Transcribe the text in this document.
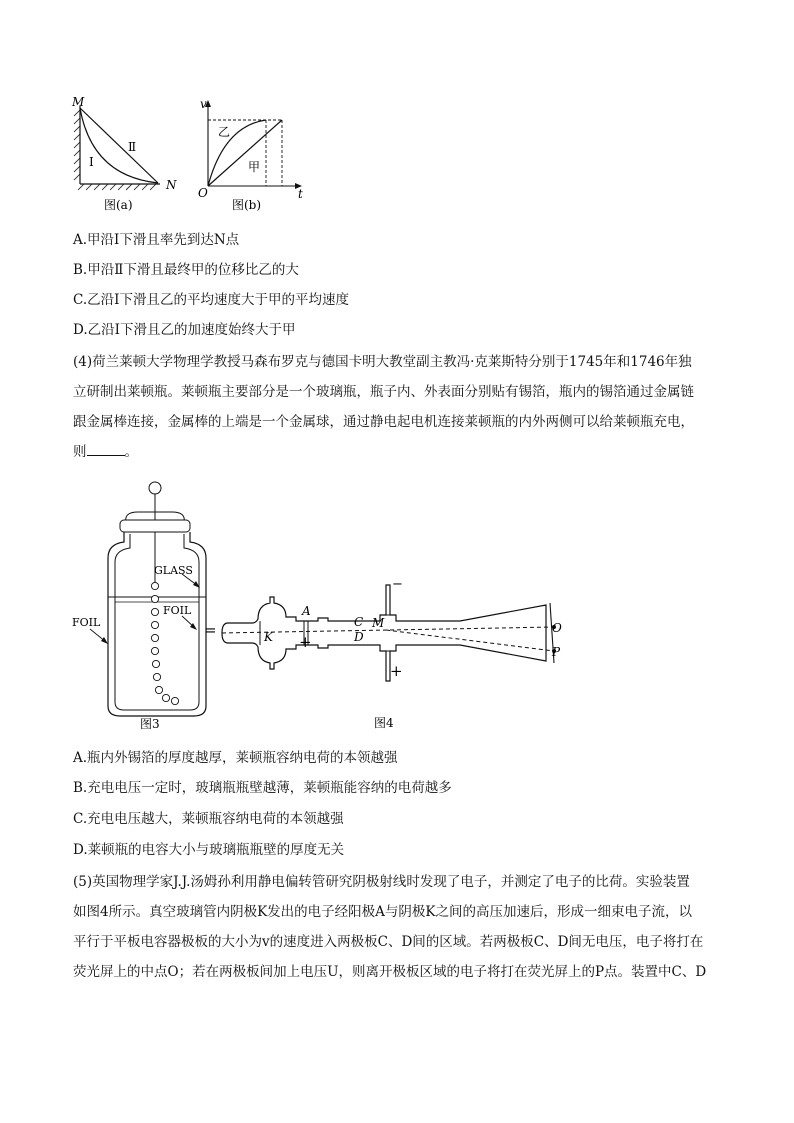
M
N
Ⅰ
Ⅱ
图(a)
v
t
O
乙
甲
图(b)
A.甲沿Ⅰ下滑且率先到达N点
B.甲沿Ⅱ下滑且最终甲的位移比乙的大
C.乙沿Ⅰ下滑且乙的平均速度大于甲的平均速度
D.乙沿Ⅰ下滑且乙的加速度始终大于甲
(4)荷兰莱顿大学物理学教授马森布罗克与德国卡明大教堂副主教冯·克莱斯特分别于1745年和1746年独
立研制出莱顿瓶。莱顿瓶主要部分是一个玻璃瓶，瓶子内、外表面分别贴有锡箔，瓶内的锡箔通过金属链
跟金属棒连接，金属棒的上端是一个金属球，通过静电起电机连接莱顿瓶的内外两侧可以给莱顿瓶充电，
则	。
GLASS
FOIL
FOIL
图3
=	K
A
+
C
D
M
−
+
O
P
图4
A.瓶内外锡箔的厚度越厚，莱顿瓶容纳电荷的本领越强
B.充电电压一定时，玻璃瓶瓶壁越薄，莱顿瓶能容纳的电荷越多
C.充电电压越大，莱顿瓶容纳电荷的本领越强
D.莱顿瓶的电容大小与玻璃瓶瓶壁的厚度无关
(5)英国物理学家J.J.汤姆孙利用静电偏转管研究阴极射线时发现了电子，并测定了电子的比荷。实验装置
如图4所示。真空玻璃管内阴极K发出的电子经阳极A与阴极K之间的高压加速后，形成一细束电子流，以
平行于平板电容器极板的大小为v的速度进入两极板C、D间的区域。若两极板C、D间无电压，电子将打在
荧光屏上的中点O；若在两极板间加上电压U，则离开极板区域的电子将打在荧光屏上的P点。装置中C、D
